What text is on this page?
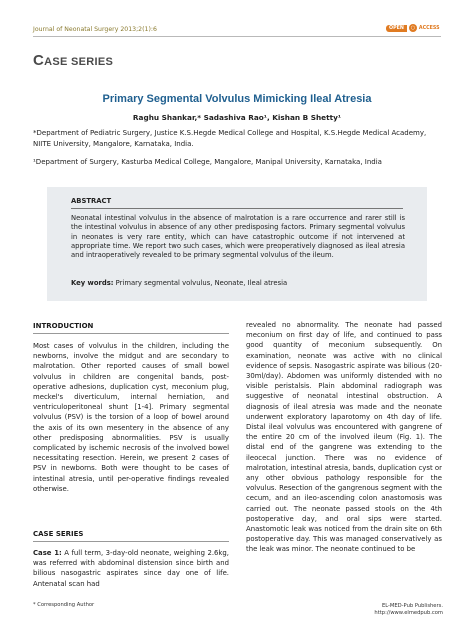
Journal of Neonatal Surgery 2013;2(1):6	OPEN	○ ACCESS
CASE SERIES
Primary Segmental Volvulus Mimicking Ileal Atresia
Raghu Shankar,* Sadashiva Rao¹, Kishan B Shetty¹
*Department of Pediatric Surgery, Justice K.S.Hegde Medical College and Hospital, K.S.Hegde Medical Academy, NIITE University, Mangalore, Karnataka, India.
¹Department of Surgery, Kasturba Medical College, Mangalore, Manipal University, Karnataka, India
ABSTRACT
Neonatal intestinal volvulus in the absence of malrotation is a rare occurrence and rarer still is the intestinal volvulus in absence of any other predisposing factors. Primary segmental volvulus in neonates is very rare entity, which can have catastrophic outcome if not intervened at appropriate time. We report two such cases, which were preoperatively diagnosed as ileal atresia and intraoperatively revealed to be primary segmental volvulus of the ileum.
Key words: Primary segmental volvulus, Neonate, Ileal atresia
INTRODUCTION
Most cases of volvulus in the children, including the newborns, involve the midgut and are secondary to malrotation. Other reported causes of small bowel volvulus in children are congenital bands, post-operative adhesions, duplication cyst, meconium plug, meckel's diverticulum, internal herniation, and ventriculoperitoneal shunt [1-4]. Primary segmental volvulus (PSV) is the torsion of a loop of bowel around the axis of its own mesentery in the absence of any other predisposing abnormalities. PSV is usually complicated by ischemic necrosis of the involved bowel necessitating resection. Herein, we present 2 cases of PSV in newborns. Both were thought to be cases of intestinal atresia, until per-operative findings revealed otherwise.
CASE SERIES
Case 1: A full term, 3-day-old neonate, weighing 2.6kg, was referred with abdominal distension since birth and bilious nasogastric aspirates since day one of life. Antenatal scan had
revealed no abnormality. The neonate had passed meconium on first day of life, and continued to pass good quantity of meconium subsequently. On examination, neonate was active with no clinical evidence of sepsis. Nasogastric aspirate was bilious (20-30ml/day). Abdomen was uniformly distended with no visible peristalsis. Plain abdominal radiograph was suggestive of neonatal intestinal obstruction. A diagnosis of ileal atresia was made and the neonate underwent exploratory laparotomy on 4th day of life. Distal ileal volvulus was encountered with gangrene of the entire 20 cm of the involved ileum (Fig. 1). The distal end of the gangrene was extending to the ileocecal junction. There was no evidence of malrotation, intestinal atresia, bands, duplication cyst or any other obvious pathology responsible for the volvulus. Resection of the gangrenous segment with the cecum, and an ileo-ascending colon anastomosis was carried out. The neonate passed stools on the 4th postoperative day, and oral sips were started. Anastomotic leak was noticed from the drain site on 6th postoperative day. This was managed conservatively as the leak was minor. The neonate continued to be
* Corresponding Author	EL-MED-Pub Publishers.
http://www.elmedpub.com
